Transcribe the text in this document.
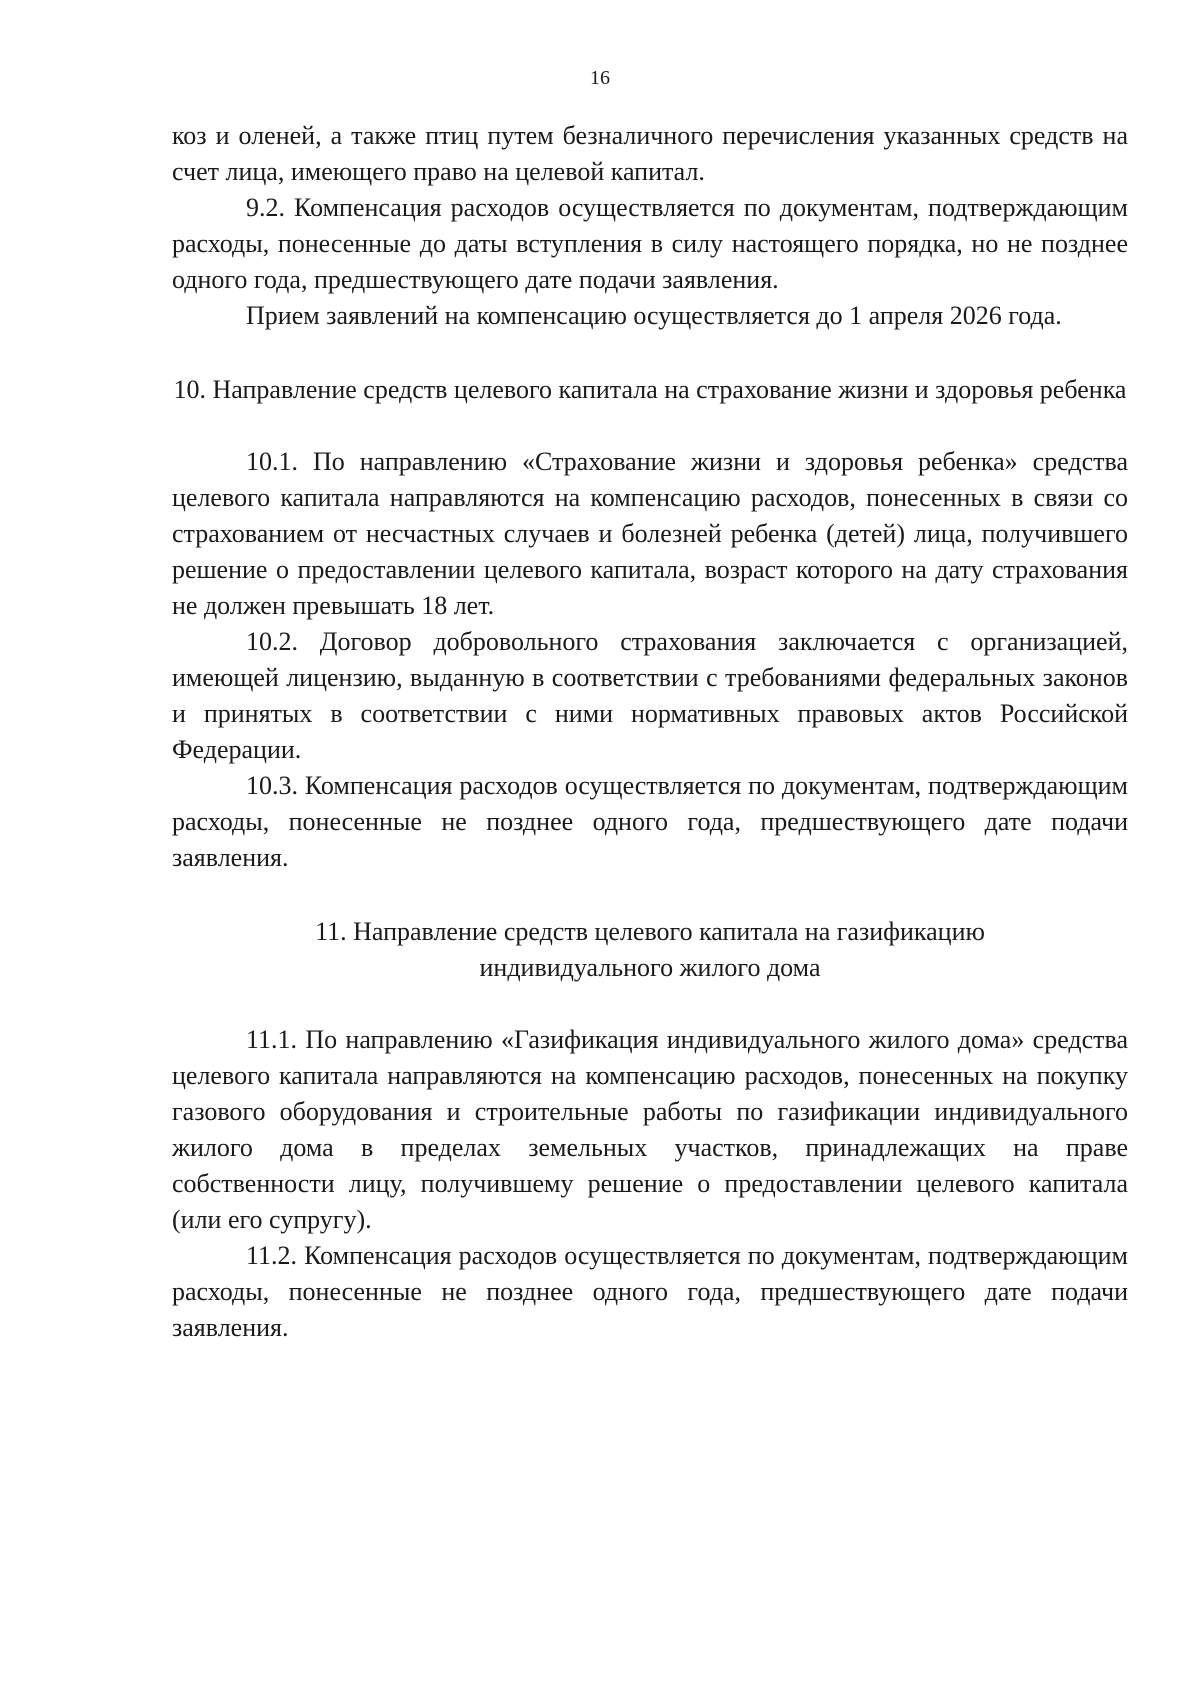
16

коз и оленей, а также птиц путем безналичного перечисления указанных средств на счет лица, имеющего право на целевой капитал.

9.2. Компенсация расходов осуществляется по документам, подтверждающим расходы, понесенные до даты вступления в силу настоящего порядка, но не позднее одного года, предшествующего дате подачи заявления.

Прием заявлений на компенсацию осуществляется до 1 апреля 2026 года.

10. Направление средств целевого капитала на страхование жизни и здоровья ребенка

10.1. По направлению «Страхование жизни и здоровья ребенка» средства целевого капитала направляются на компенсацию расходов, понесенных в связи со страхованием от несчастных случаев и болезней ребенка (детей) лица, получившего решение о предоставлении целевого капитала, возраст которого на дату страхования не должен превышать 18 лет.

10.2. Договор добровольного страхования заключается с организацией, имеющей лицензию, выданную в соответствии с требованиями федеральных законов и принятых в соответствии с ними нормативных правовых актов Российской Федерации.

10.3. Компенсация расходов осуществляется по документам, подтверждающим расходы, понесенные не позднее одного года, предшествующего дате подачи заявления.

11. Направление средств целевого капитала на газификацию индивидуального жилого дома

11.1. По направлению «Газификация индивидуального жилого дома» средства целевого капитала направляются на компенсацию расходов, понесенных на покупку газового оборудования и строительные работы по газификации индивидуального жилого дома в пределах земельных участков, принадлежащих на праве собственности лицу, получившему решение о предоставлении целевого капитала (или его супругу).

11.2. Компенсация расходов осуществляется по документам, подтверждающим расходы, понесенные не позднее одного года, предшествующего дате подачи заявления.
